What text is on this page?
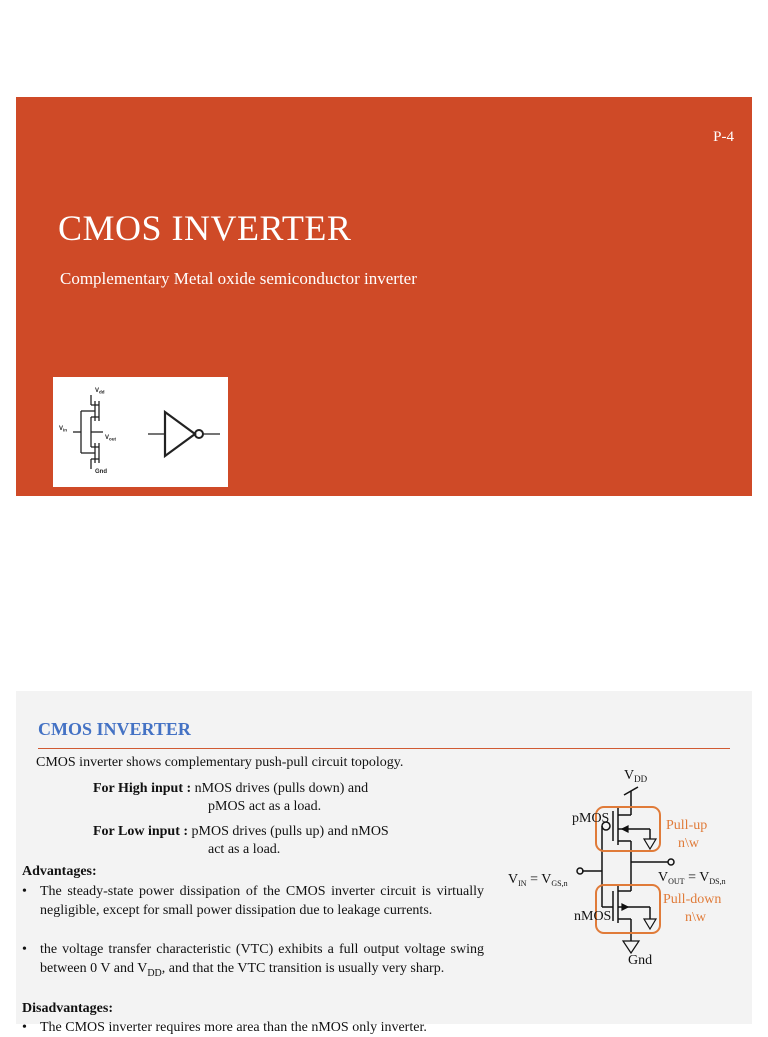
P-4
CMOS INVERTER
Complementary Metal oxide semiconductor inverter
$V_{dd}$
$V_{in}$
$V_{out}$
Gnd
CMOS INVERTER
CMOS inverter shows complementary push-pull circuit topology.
For High input : nMOS drives (pulls down) and
pMOS act as a load.
For Low input : pMOS drives (pulls up) and nMOS
act as a load.
Advantages:
• The steady-state power dissipation of the CMOS inverter circuit is virtually negligible, except for small power dissipation due to leakage currents.
• the voltage transfer characteristic (VTC) exhibits a full output voltage swing between 0 V and $V_{DD}$, and that the VTC transition is usually very sharp.
Disadvantages:
• The CMOS inverter requires more area than the nMOS only inverter.
$V_{DD}$
pMOS
nMOS
Pull-up
n\w
Pull-down
n\w
$V_{IN} = V_{GS,n}$	$V_{OUT} = V_{DS,n}$
Gnd
